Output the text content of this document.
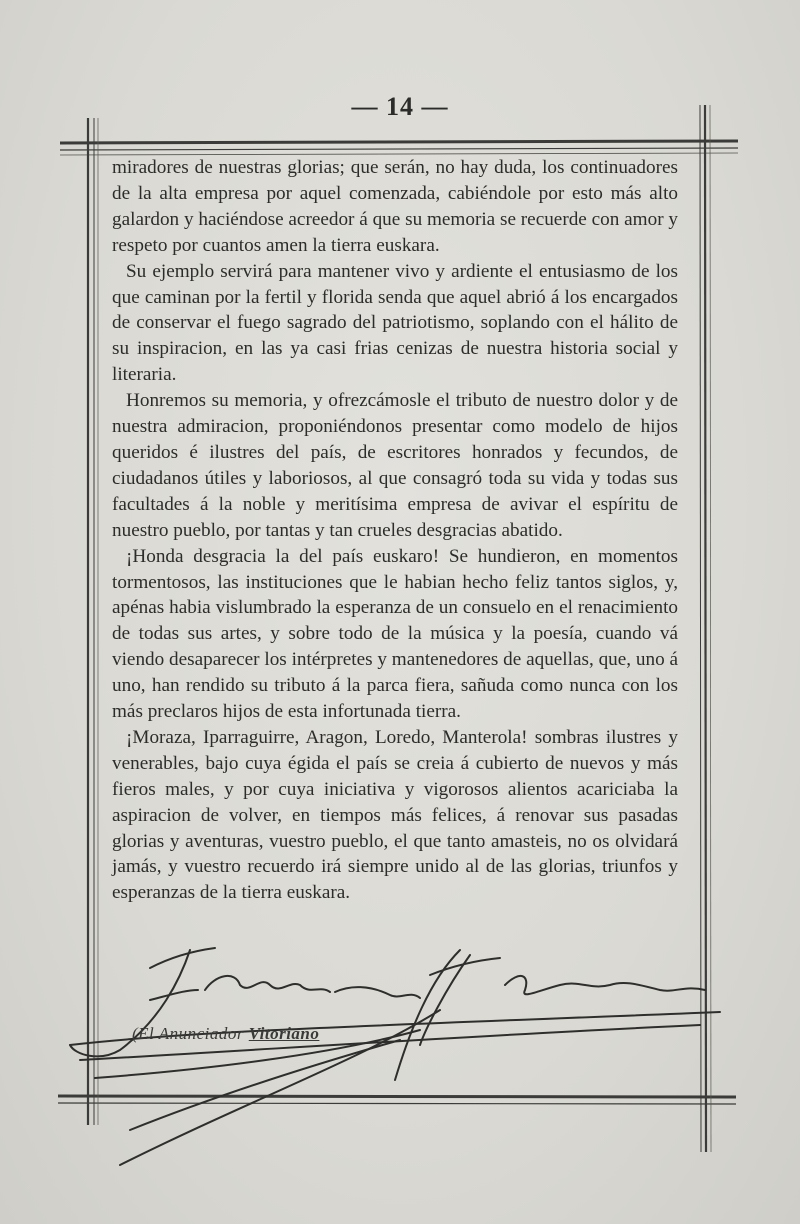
— 14 —

miradores de nuestras glorias; que serán, no hay duda, los continuadores de la alta empresa por aquel comenzada, cabiéndole por esto más alto galardon y haciéndose acreedor á que su memoria se recuerde con amor y respeto por cuantos amen la tierra euskara.

Su ejemplo servirá para mantener vivo y ardiente el entusiasmo de los que caminan por la fertil y florida senda que aquel abrió á los encargados de conservar el fuego sagrado del patriotismo, soplando con el hálito de su inspiracion, en las ya casi frias cenizas de nuestra historia social y literaria.

Honremos su memoria, y ofrezcámosle el tributo de nuestro dolor y de nuestra admiracion, proponiéndonos presentar como modelo de hijos queridos é ilustres del país, de escritores honrados y fecundos, de ciudadanos útiles y laboriosos, al que consagró toda su vida y todas sus facultades á la noble y meritísima empresa de avivar el espíritu de nuestro pueblo, por tantas y tan crueles desgracias abatido.

¡Honda desgracia la del país euskaro! Se hundieron, en momentos tormentosos, las instituciones que le habian hecho feliz tantos siglos, y, apénas habia vislumbrado la esperanza de un consuelo en el renacimiento de todas sus artes, y sobre todo de la música y la poesía, cuando vá viendo desaparecer los intérpretes y mantenedores de aquellas, que, uno á uno, han rendido su tributo á la parca fiera, sañuda como nunca con los más preclaros hijos de esta infortunada tierra.

¡Moraza, Iparraguirre, Aragon, Loredo, Manterola! sombras ilustres y venerables, bajo cuya égida el país se creia á cubierto de nuevos y más fieros males, y por cuya iniciativa y vigorosos alientos acariciaba la aspiracion de volver, en tiempos más felices, á renovar sus pasadas glorias y aventuras, vuestro pueblo, el que tanto amasteis, no os olvidará jamás, y vuestro recuerdo irá siempre unido al de las glorias, triunfos y esperanzas de la tierra euskara.

(El Anunciador Vitoriano
